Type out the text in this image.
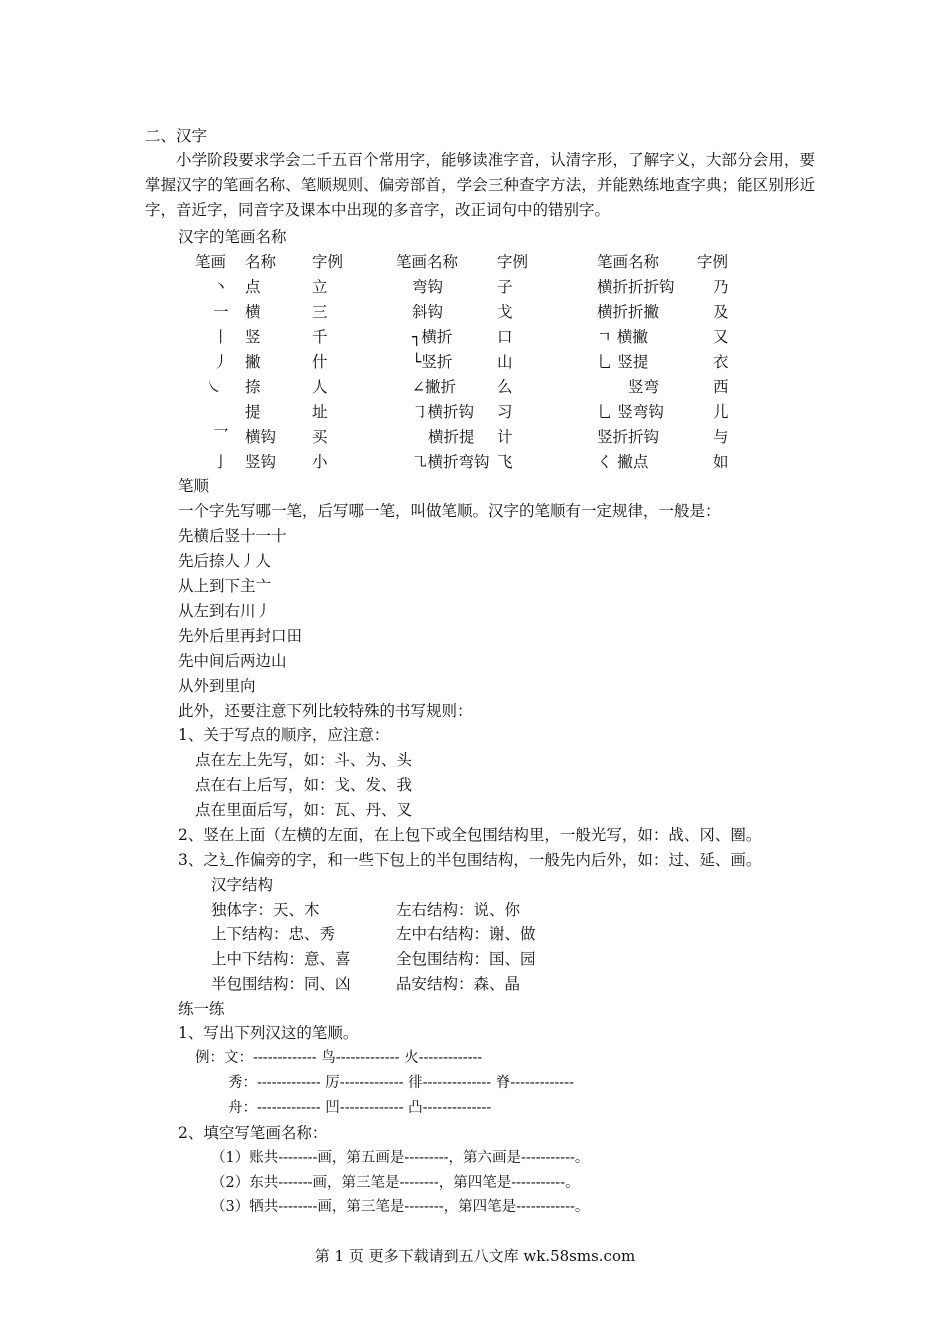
二、汉字
小学阶段要求学会二千五百个常用字，能够读准字音，认清字形，了解字义，大部分会用，要掌握汉字的笔画名称、笔顺规则、偏旁部首，学会三种查字方法，并能熟练地查字典；能区别形近字，音近字，同音字及课本中出现的多音字，改正词句中的错别字。
汉字的笔画名称
笔画 名称 字例	笔画名称	字例	笔画名称 字例
丶 点	立	弯钩	子	横折折折钩 乃
一 横	三	斜钩	戈	横折折撇	及
丨 竖	千	┐横折	口	ㄱ 横撇	又
丿 撇	什	└竖折	山	乚 竖提	衣
㇏ 捺	人	∠撇折	么	竖弯	西
提	址	㇆横折钩 习	乚 竖弯钩	儿
乛 横钩 买	横折提 计	竖折折钩	与
亅 竖钩 小	㇈横折弯钩 飞	く 撇点	如
笔顺
一个字先写哪一笔，后写哪一笔，叫做笔顺。汉字的笔顺有一定规律，一般是：
先横后竖十一十
先后捺人丿人
从上到下主亠
从左到右川丿
先外后里再封口田
先中间后两边山
从外到里向
此外，还要注意下列比较特殊的书写规则：
1、关于写点的顺序，应注意：
点在左上先写，如：斗、为、头
点在右上后写，如：戈、发、我
点在里面后写，如：瓦、丹、叉
2、竖在上面（左横的左面，在上包下或全包围结构里，一般光写，如：战、冈、圈。
3、之⻎作偏旁的字，和一些下包上的半包围结构，一般先内后外，如：过、延、画。
汉字结构
独体字：天、木	左右结构：说、你
上下结构：忠、秀	左中右结构：谢、做
上中下结构：意、喜	全包围结构：国、园
半包围结构：同、凶	品安结构：森、晶
练一练
1、写出下列汉这的笔顺。
例：文：------------- 鸟------------- 火-------------
秀：------------- 厉------------- 徘-------------- 脊-------------
舟：------------- 凹------------- 凸--------------
2、填空写笔画名称：
（1）账共--------画，第五画是---------，第六画是-----------。
（2）东共-------画，第三笔是--------，第四笔是-----------。
（3）牺共--------画，第三笔是--------，第四笔是------------。
第 1 页 更多下载请到五八文库 wk.58sms.com
